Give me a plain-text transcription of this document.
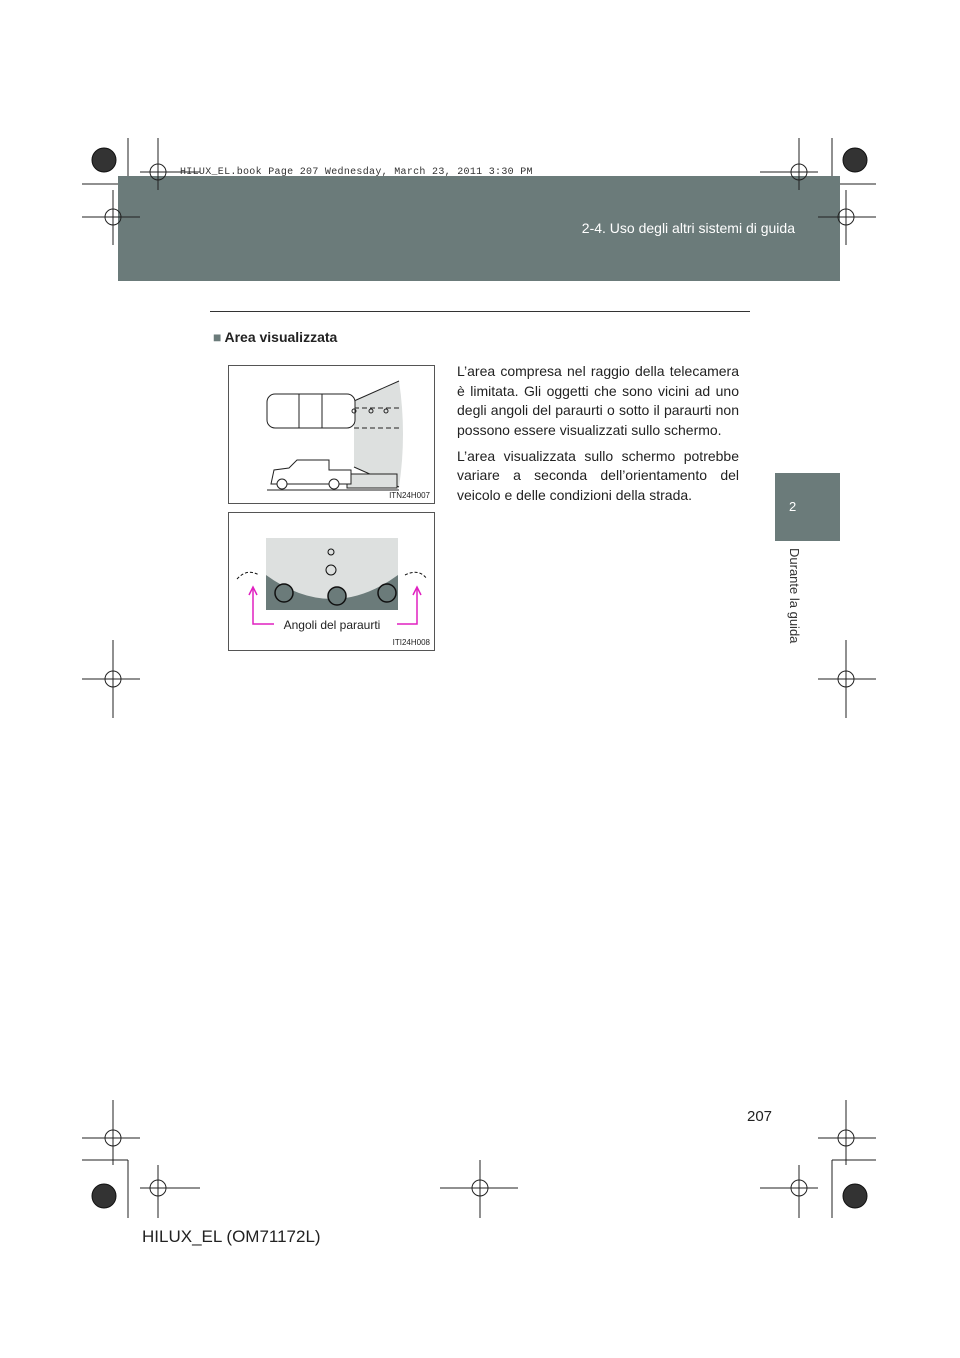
2-4. Uso degli altri sistemi di guida
HILUX_EL.book Page 207 Wednesday, March 23, 2011 3:30 PM
2
Durante la guida
■ Area visualizzata
ITN24H007
Angoli del paraurti
ITI24H008

L’area compresa nel raggio della telecamera è limitata. Gli oggetti che sono vicini ad uno degli angoli del paraurti o sotto il paraurti non possono essere visualizzati sullo schermo.

L’area visualizzata sullo schermo potrebbe variare a seconda dell’orientamento del veicolo e delle condizioni della strada.

207
HILUX_EL (OM71172L)
